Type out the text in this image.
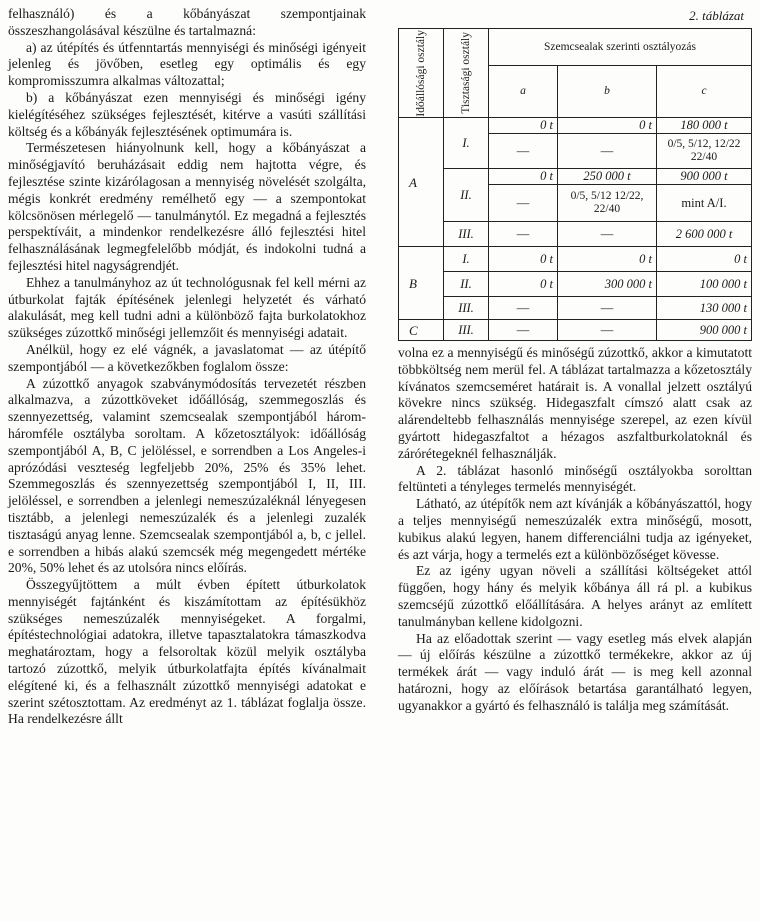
felhasználó) és a kőbányászat szempontjainak összeszhangolásával készülne és tartalmazná:

a) az útépítés és útfenntartás mennyiségi és minőségi igényeit jelenleg és jövőben, esetleg egy optimális és egy kompromisszumra alkalmas változattal;

b) a kőbányászat ezen mennyiségi és minőségi igény kielégítéséhez szükséges fejlesztését, kitérve a vasúti szállítási költség és a kőbányák fejlesztésének optimumára is.

Természetesen hiányolnunk kell, hogy a kőbányászat a minőségjavító beruházásait eddig nem hajtotta végre, és fejlesztése szinte kizárólagosan a mennyiség növelését szolgálta, mégis konkrét eredmény remélhető egy — a szempontokat kölcsönösen mérlegelő — tanulmánytól. Ez megadná a fejlesztés perspektíváit, a mindenkor rendelkezésre álló fejlesztési hitel felhasználásának legmegfelelőbb módját, és indokolni tudná a fejlesztési hitel nagyságrendjét.

Ehhez a tanulmányhoz az út technológusnak fel kell mérni az útburkolat fajták építésének jelenlegi helyzetét és várható alakulását, meg kell tudni adni a különböző fajta burkolatokhoz szükséges zúzottkő minőségi jellemzőit és mennyiségi adatait.

Anélkül, hogy ez elé vágnék, a javaslatomat — az útépítő szempontjából — a következőkben foglalom össze:

A zúzottkő anyagok szabványmódosítás tervezetét részben alkalmazva, a zúzottköveket időállóság, szemmegoszlás és szennyezettség, valamint szemcsealak szempontjából három-háromféle osztályba soroltam. A kőzetosztályok: időállóság szempontjából A, B, C jelöléssel, e sorrendben a Los Angeles-i aprózódási veszteség legfeljebb 20%, 25% és 35% lehet. Szemmegoszlás és szennyezettség szempontjából I, II, III. jelöléssel, e sorrendben a jelenlegi nemeszúzaléknál lényegesen tisztább, a jelenlegi nemeszúzalék és a jelenlegi zuzalék tisztaságú anyag lenne. Szemcsealak szempontjából a, b, c jellel. e sorrendben a hibás alakú szemcsék még megengedett mértéke 20%, 50% lehet és az utolsóra nincs előírás.

Összegyűjtöttem a múlt évben épített útburkolatok mennyiségét fajtánként és kiszámítottam az építésükhöz szükséges nemeszúzalék mennyiségeket. A forgalmi, építéstechnológiai adatokra, illetve tapasztalatokra támaszkodva meghatároztam, hogy a felsoroltak közül melyik osztályba tartozó zúzottkő, melyik útburkolatfajta építés kívánalmait elégítené ki, és a felhasznált zúzottkő mennyiségi adatokat e szerint szétosztottam. Az eredményt az 1. táblázat foglalja össze. Ha rendelkezésre állt

2. táblázat
Időállósági osztály	Tisztasági osztály	Szemcsealak szerinti osztályozás		
		a	b	c
A	I.	0 t	0 t	180 000 t
		—	—	0/5, 5/12, 12/22 22/40
	II.	0 t	250 000 t	900 000 t
		—	0/5, 5/12 12/22, 22/40	mint A/I.
	III.	—	—	2 600 000 t
B	I.	0 t	0 t	0 t
	II.	0 t	300 000 t	100 000 t
	III.	—	—	130 000 t
C	III.	—	—	900 000 t

volna ez a mennyiségű és minőségű zúzottkő, akkor a kimutatott többköltség nem merül fel. A táblázat tartalmazza a kőzetosztály kívánatos szemcseméret határait is. A vonallal jelzett osztályú kövekre nincs szükség. Hidegaszfalt címszó alatt csak az alárendeltebb felhasználás mennyisége szerepel, az ezen kívül gyártott hidegaszfaltot a hézagos aszfaltburkolatoknál és zárórétegeknél felhasználják.

A 2. táblázat hasonló minőségű osztályokba sorolttan feltünteti a tényleges termelés mennyiségét.

Látható, az útépítők nem azt kívánják a kőbányászattól, hogy a teljes mennyiségű nemeszúzalék extra minőségű, mosott, kubikus alakú legyen, hanem differenciálni tudja az igényeket, és azt várja, hogy a termelés ezt a különbözőséget kövesse.

Ez az igény ugyan növeli a szállítási költségeket attól függően, hogy hány és melyik kőbánya áll rá pl. a kubikus szemcséjű zúzottkő előállítására. A helyes arányt az említett tanulmányban kellene kidolgozni.

Ha az előadottak szerint — vagy esetleg más elvek alapján — új előírás készülne a zúzottkő termékekre, akkor az új termékek árát — vagy induló árát — is meg kell azonnal határozni, hogy az előírások betartása garantálható legyen, ugyanakkor a gyártó és felhasználó is találja meg számítását.
